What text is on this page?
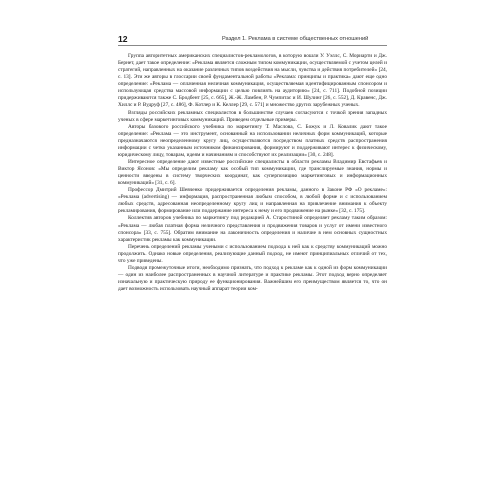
12	Раздел 1. Реклама в системе общественных отношений

Группа авторитетных американских специалистов-рекламологов, в которую вошли У. Уэллс, С. Мориарти и Дж. Бернет, дает такое определение: «Реклама является сложным типом коммуникации, осуществляемой с учетом целей и стратегий, направленных на оказание различных типов воздействия на мысли, чувства и действия потребителей» [24, с. 13]. Эти же авторы в глоссарии своей фундаментальной работы «Реклама: принципы и практика» дают еще одно определение: «Реклама — оплаченная неличная коммуникация, осуществляемая идентифицированным спонсором и использующая средства массовой информации с целью повлиять на аудиторию» [24, с. 711]. Подобной позиции придерживаются также С. Бродбент [25, с. 665], Ж.-Ж. Ламбен, Р. Чумпитас и И. Шулинг [26, с. 552], Д. Кравенс, Дж. Хиллс и Р. Вудруф [27, с. 486], Ф. Котлер и К. Келлер [29, с. 571] и множество других зарубежных ученых.

Взгляды российских рекламных специалистов в большинстве случаев согласуются с точкой зрения западных ученых в сфере маркетинговых коммуникаций. Приведем отдельные примеры.

Авторы базового российского учебника по маркетингу Т. Маслова, С. Божук и Л. Ковалик дают такое определение: «Реклама — это инструмент, основанный на использовании неличных форм коммуникаций, которые предназначаются неопределенному кругу лиц, осуществляются посредством платных средств распространения информации с четко указанным источником финансирования, формируют и поддерживают интерес к физическому, юридическому лицу, товарам, идеям и начинаниям и способствуют их реализации» [30, с. 248].

Интересное определение дают известные российские специалисты в области рекламы Владимир Евстафьев и Виктор Ясонов: «Мы определим рекламу как особый тип коммуникации, где транслируемые знания, нормы и ценности введены в систему творческих координат, как суперпозицию маркетинговых и информационных коммуникаций» [31, с. 6].

Профессор Дмитрий Шевченко придерживается определения рекламы, данного в Законе РФ «О рекламе»: «Реклама (advertising) — информация, распространенная любым способом, в любой форме и с использованием любых средств, адресованная неопределенному кругу лиц и направленная на привлечение внимания к объекту рекламирования, формирование или поддержание интереса к нему и его продвижение на рынке» [32, с. 175].

Коллектив авторов учебника по маркетингу под редакцией А. Старостиной определяет рекламу таким образом: «Реклама — любая платная форма неличного представления и продвижения товаров и услуг от имени известного спонсора» [33, с. 755]. Обратим внимание на лаконичность определения и наличие в нем основных сущностных характеристик рекламы как коммуникации.

Перечень определений рекламы учеными с использованием подхода к ней как к средству коммуникаций можно продолжить. Однако новые определения, реализующие данный подход, не имеют принципиальных отличий от тех, что уже приведены.

Подводя промежуточные итоги, необходимо признать, что подход к рекламе как к одной из форм коммуникации — один из наиболее распространенных в научной литературе и практике рекламы. Этот подход верно определяет изначальную и практическую природу ее функционирования. Важнейшим его преимуществом является то, что он дает возможность использовать научный аппарат теории ком-
